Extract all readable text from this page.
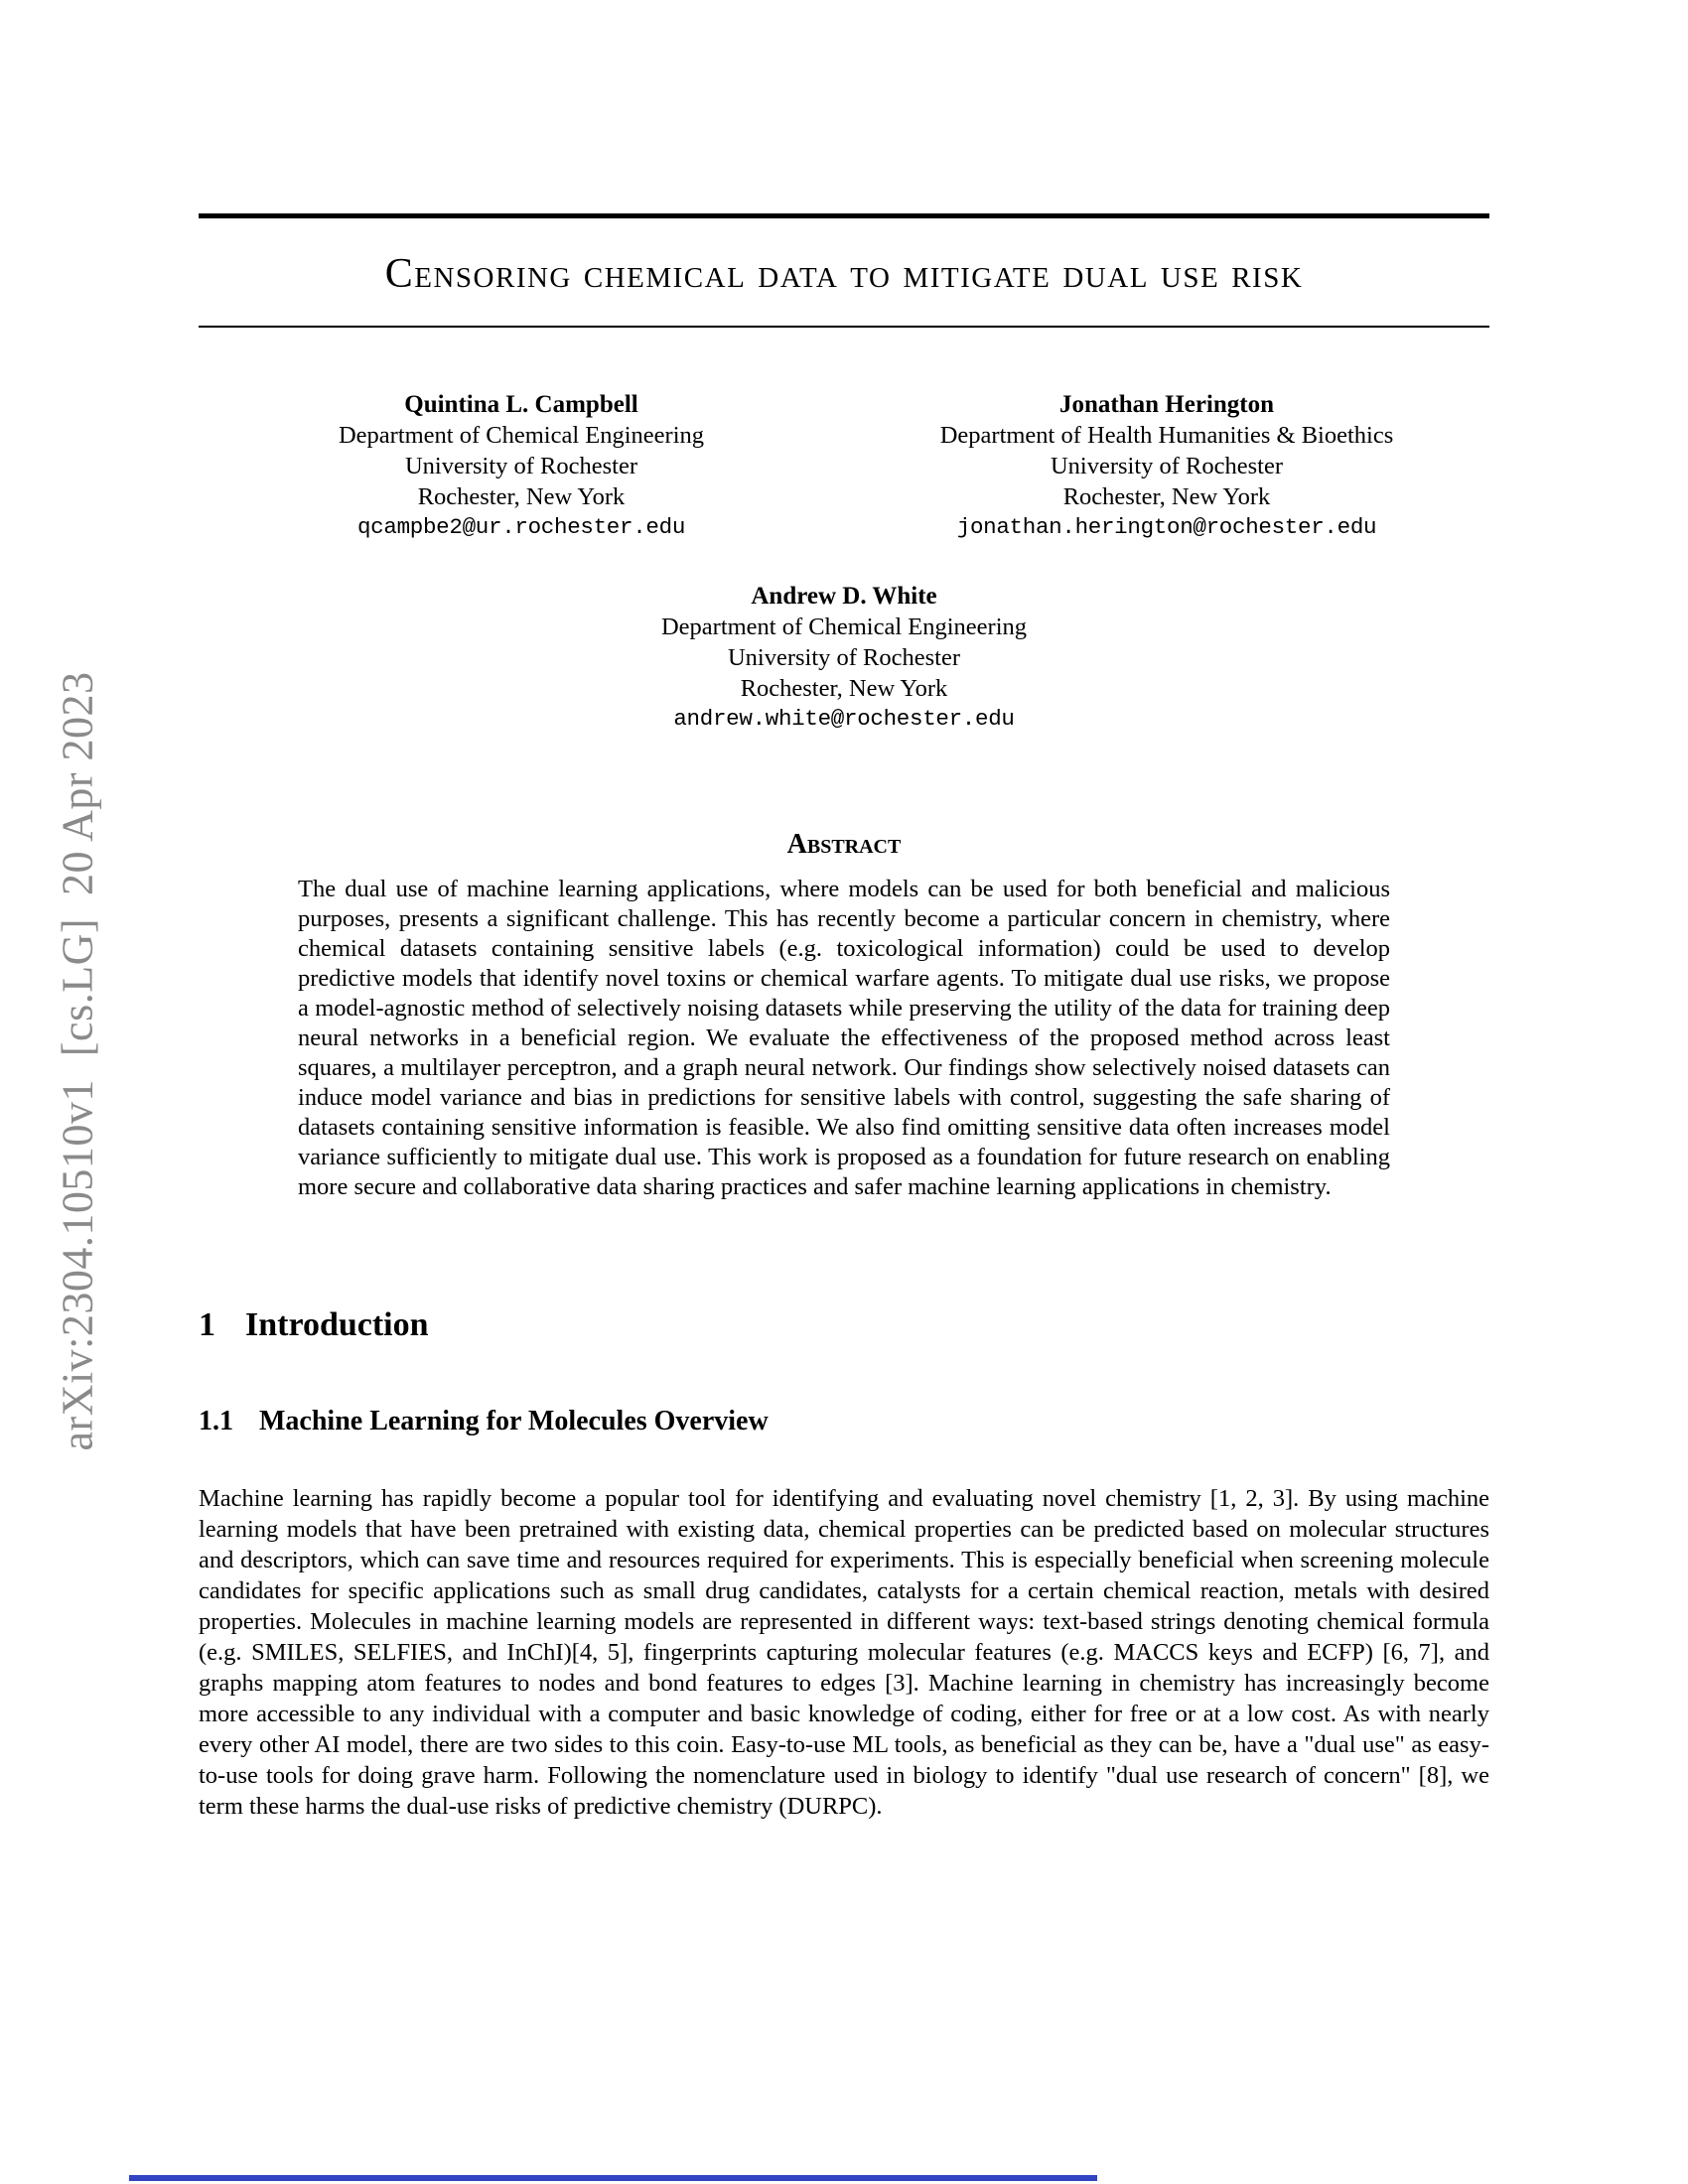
arXiv:2304.10510v1  [cs.LG]  20 Apr 2023
Censoring chemical data to mitigate dual use risk
Quintina L. Campbell
Department of Chemical Engineering
University of Rochester
Rochester, New York
qcampbe2@ur.rochester.edu
Jonathan Herington
Department of Health Humanities & Bioethics
University of Rochester
Rochester, New York
jonathan.herington@rochester.edu
Andrew D. White
Department of Chemical Engineering
University of Rochester
Rochester, New York
andrew.white@rochester.edu
Abstract

The dual use of machine learning applications, where models can be used for both beneficial and malicious purposes, presents a significant challenge. This has recently become a particular concern in chemistry, where chemical datasets containing sensitive labels (e.g. toxicological information) could be used to develop predictive models that identify novel toxins or chemical warfare agents. To mitigate dual use risks, we propose a model-agnostic method of selectively noising datasets while preserving the utility of the data for training deep neural networks in a beneficial region. We evaluate the effectiveness of the proposed method across least squares, a multilayer perceptron, and a graph neural network. Our findings show selectively noised datasets can induce model variance and bias in predictions for sensitive labels with control, suggesting the safe sharing of datasets containing sensitive information is feasible. We also find omitting sensitive data often increases model variance sufficiently to mitigate dual use. This work is proposed as a foundation for future research on enabling more secure and collaborative data sharing practices and safer machine learning applications in chemistry.

1 Introduction
1.1 Machine Learning for Molecules Overview

Machine learning has rapidly become a popular tool for identifying and evaluating novel chemistry [1, 2, 3]. By using machine learning models that have been pretrained with existing data, chemical properties can be predicted based on molecular structures and descriptors, which can save time and resources required for experiments. This is especially beneficial when screening molecule candidates for specific applications such as small drug candidates, catalysts for a certain chemical reaction, metals with desired properties. Molecules in machine learning models are represented in different ways: text-based strings denoting chemical formula (e.g. SMILES, SELFIES, and InChI)[4, 5], fingerprints capturing molecular features (e.g. MACCS keys and ECFP) [6, 7], and graphs mapping atom features to nodes and bond features to edges [3]. Machine learning in chemistry has increasingly become more accessible to any individual with a computer and basic knowledge of coding, either for free or at a low cost. As with nearly every other AI model, there are two sides to this coin. Easy-to-use ML tools, as beneficial as they can be, have a "dual use" as easy-to-use tools for doing grave harm. Following the nomenclature used in biology to identify "dual use research of concern" [8], we term these harms the dual-use risks of predictive chemistry (DURPC).
